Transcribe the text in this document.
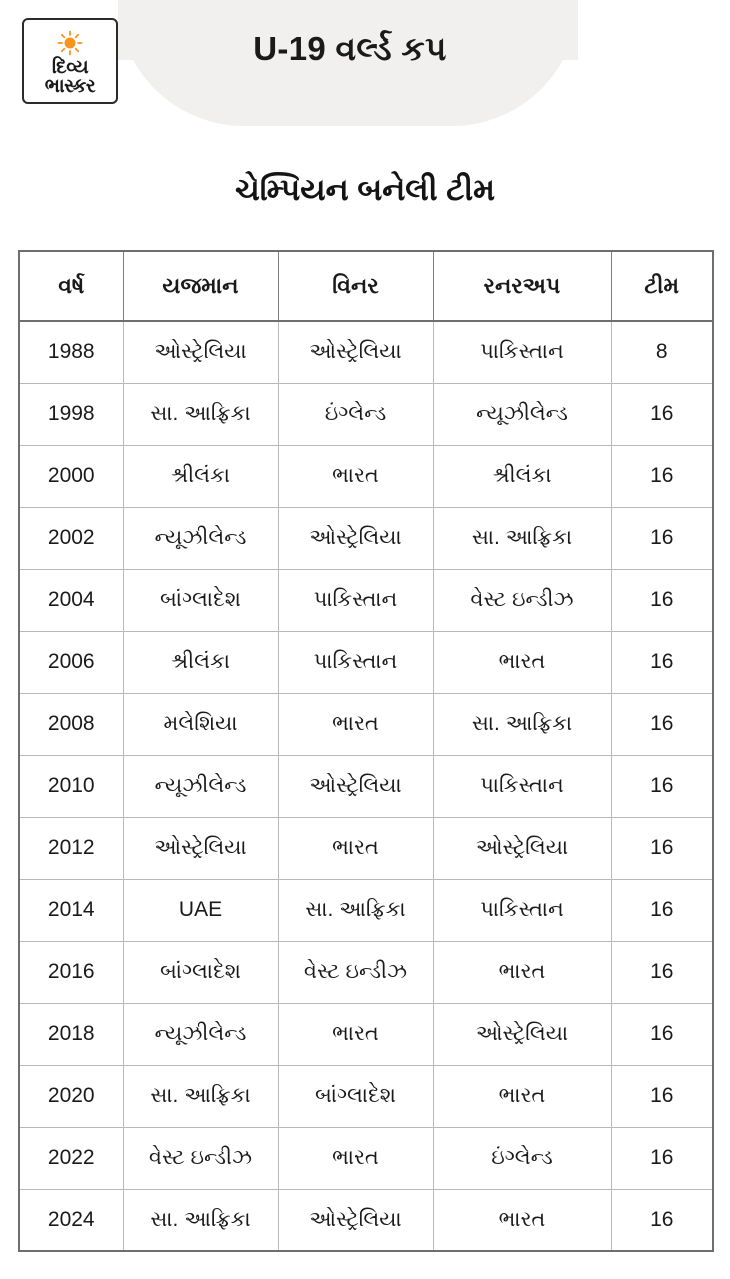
દિવ્ય
ભાસ્કર
U-19 વર્લ્ડ કપ
ચેમ્પિયન બનેલી ટીમ
વર્ષ	યજમાન	વિનર	રનરઅપ	ટીમ
1988	ઓસ્ટ્રેલિયા	ઓસ્ટ્રેલિયા	પાકિસ્તાન	8
1998	સા. આફ્રિકા	ઇંગ્લેન્ડ	ન્યૂઝીલેન્ડ	16
2000	શ્રીલંકા	ભારત	શ્રીલંકા	16
2002	ન્યૂઝીલેન્ડ	ઓસ્ટ્રેલિયા	સા. આફ્રિકા	16
2004	બાંગ્લાદેશ	પાકિસ્તાન	વેસ્ટ ઇન્ડીઝ	16
2006	શ્રીલંકા	પાકિસ્તાન	ભારત	16
2008	મલેશિયા	ભારત	સા. આફ્રિકા	16
2010	ન્યૂઝીલેન્ડ	ઓસ્ટ્રેલિયા	પાકિસ્તાન	16
2012	ઓસ્ટ્રેલિયા	ભારત	ઓસ્ટ્રેલિયા	16
2014	UAE	સા. આફ્રિકા	પાકિસ્તાન	16
2016	બાંગ્લાદેશ	વેસ્ટ ઇન્ડીઝ	ભારત	16
2018	ન્યૂઝીલેન્ડ	ભારત	ઓસ્ટ્રેલિયા	16
2020	સા. આફ્રિકા	બાંગ્લાદેશ	ભારત	16
2022	વેસ્ટ ઇન્ડીઝ	ભારત	ઇંગ્લેન્ડ	16
2024	સા. આફ્રિકા	ઓસ્ટ્રેલિયા	ભારત	16
